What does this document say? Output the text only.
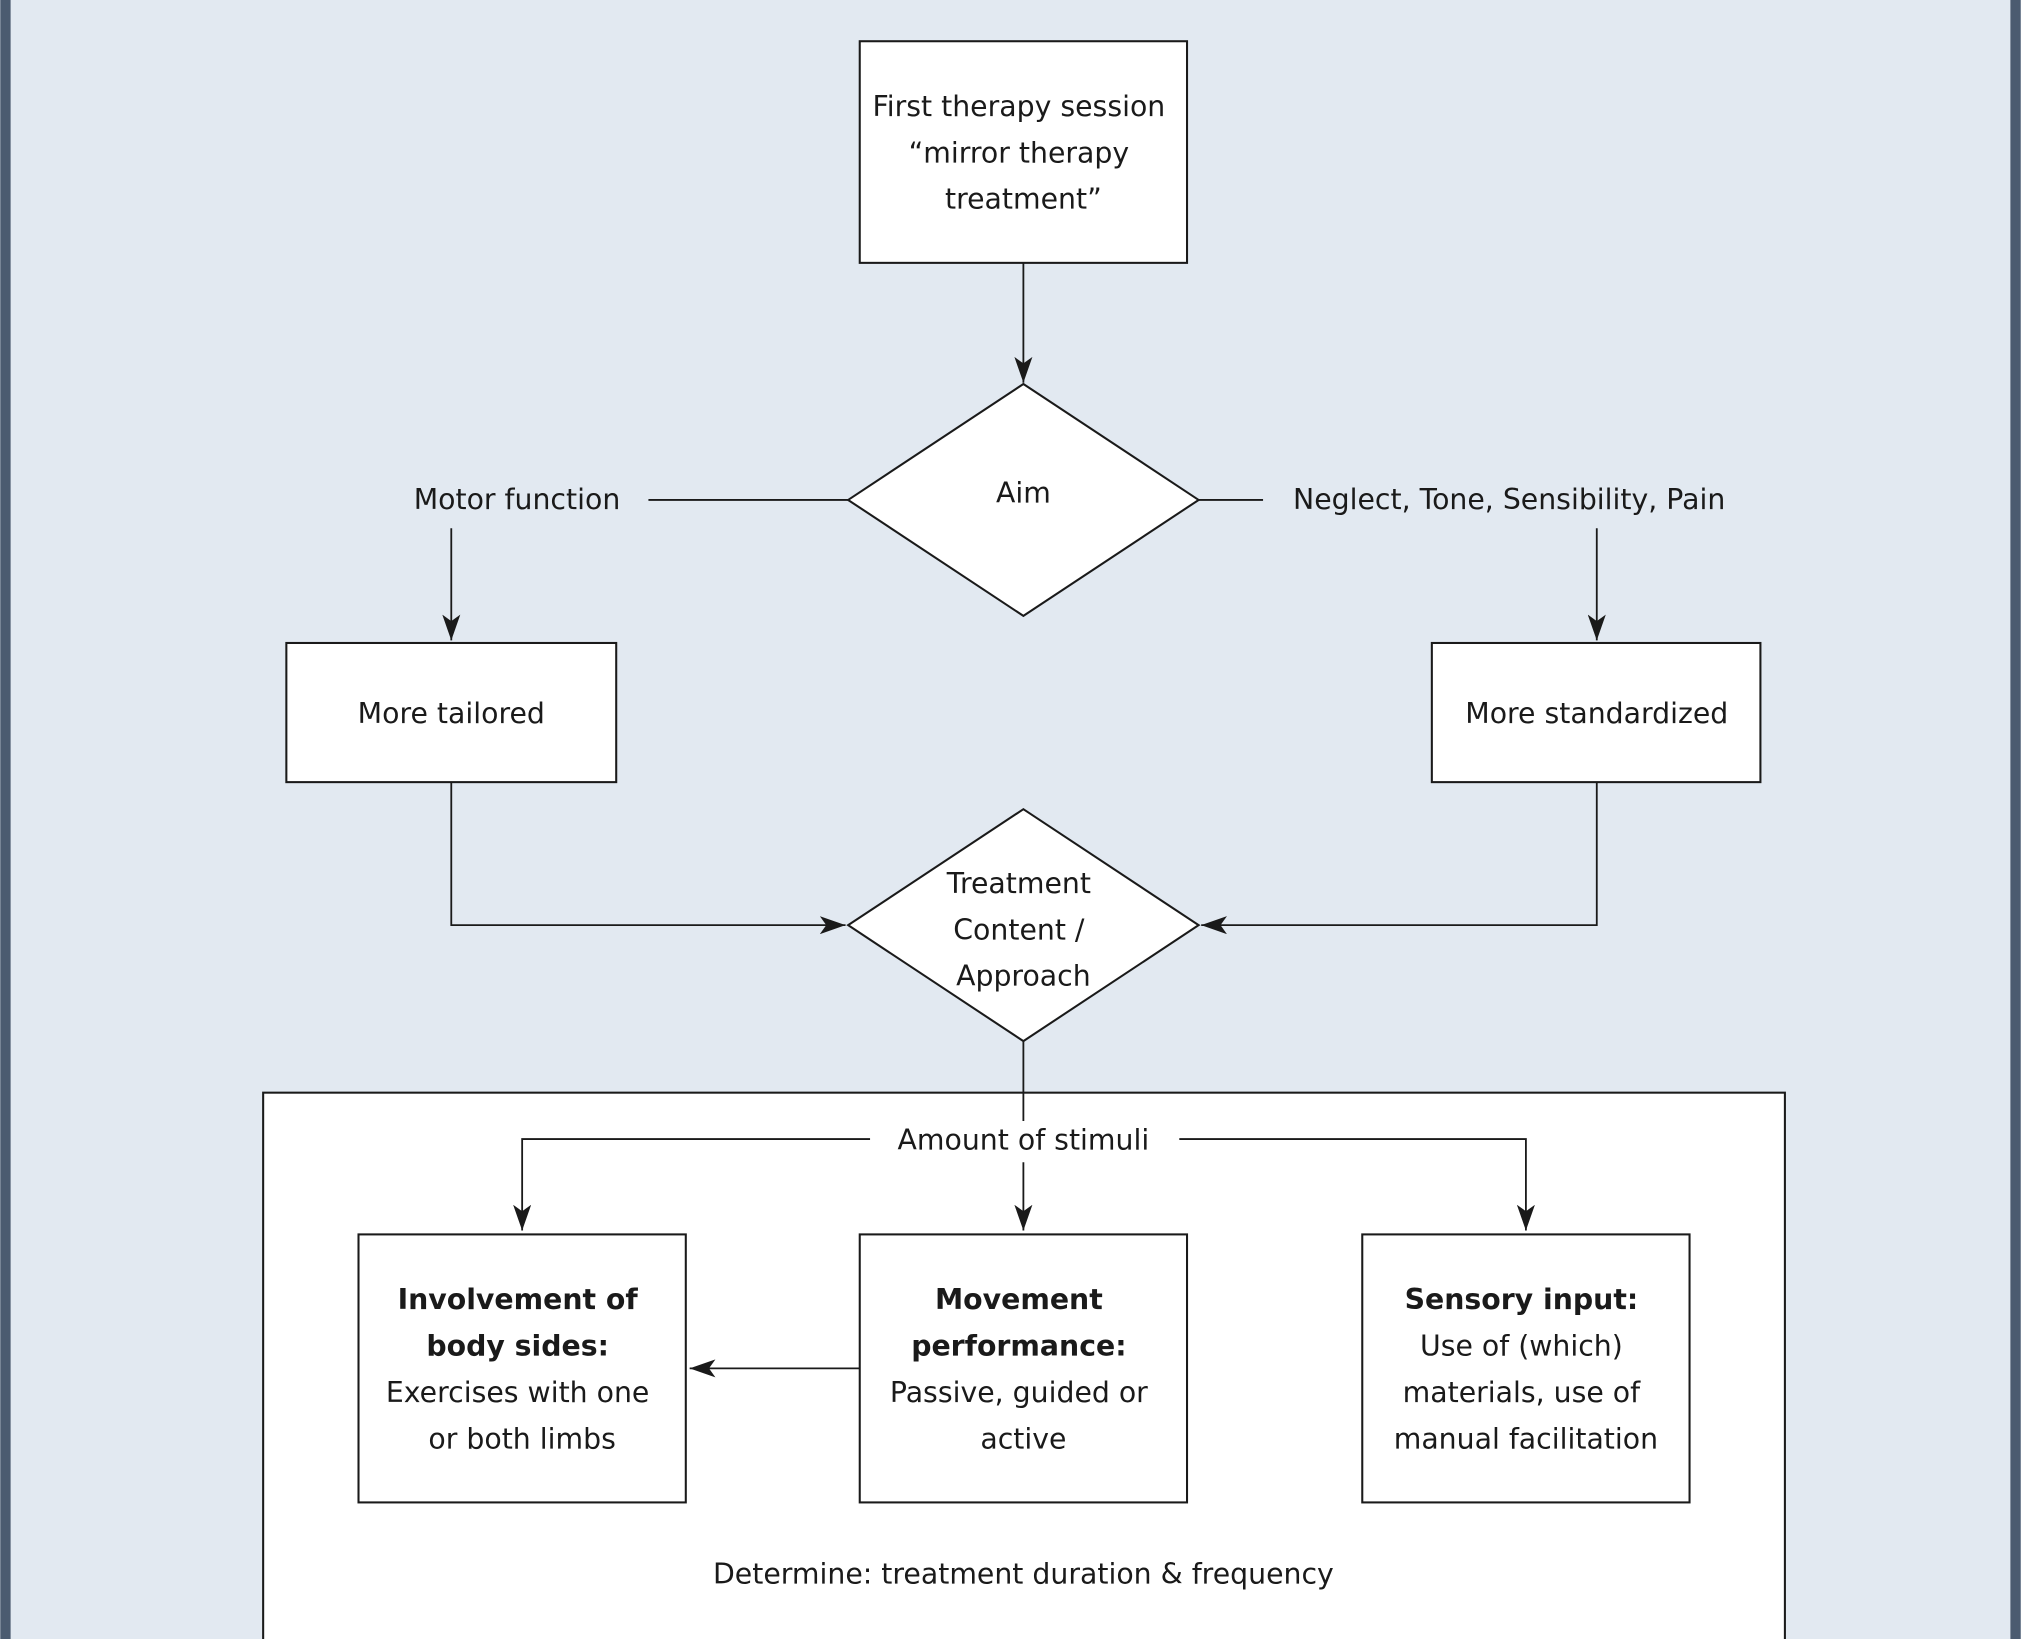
First therapy session “mirror therapy treatment”
Aim
Motor function	Neglect, Tone, Sensibility, Pain
More tailored	More standardized
Treatment Content / Approach
Amount of stimuli
Involvement of body sides: Exercises with one or both limbs
Movement performance: Passive, guided or active
Sensory input: Use of (which) materials, use of manual facilitation
Determine: treatment duration & frequency
